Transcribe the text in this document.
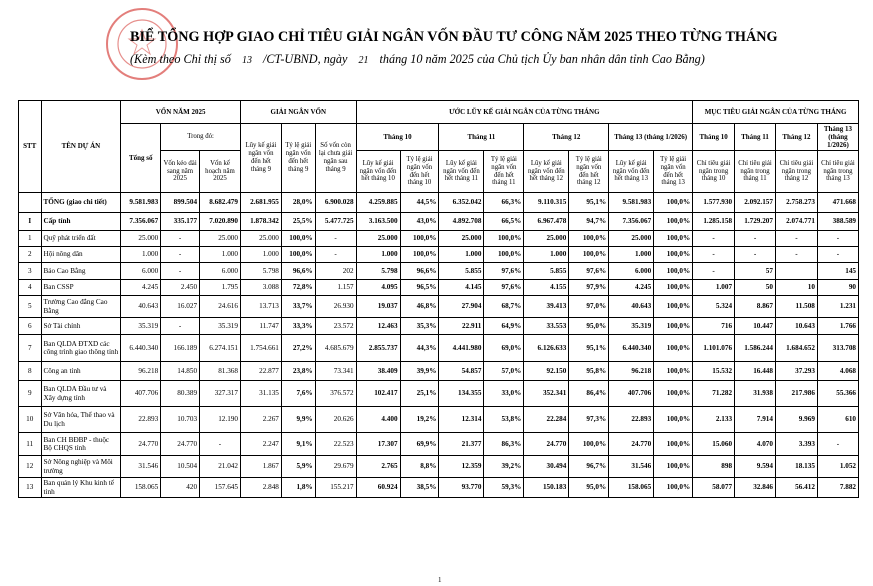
BIỂ TỔNG HỢP GIAO CHỈ TIÊU GIẢI NGÂN VỐN ĐẦU TƯ CÔNG NĂM 2025 THEO TỪNG THÁNG
(Kèm theo Chỉ thị số 13 /CT-UBND, ngày 21 tháng 10 năm 2025 của Chủ tịch Ủy ban nhân dân tỉnh Cao Bằng)
STT	TÊN DỰ ÁN	VỐN NĂM 2025			GIẢI NGÂN VỐN			ƯỚC LŨY KẾ GIẢI NGÂN CỦA TỪNG THÁNG								MỤC TIÊU GIẢI NGÂN CỦA TỪNG THÁNG			
		Tổng số	Trong đó:		Lũy kế giải ngân vốn đến hết tháng 9	Tỷ lệ giải ngân vốn đến hết tháng 9	Số vốn còn lại chưa giải ngân sau tháng 9	Tháng 10		Tháng 11		Tháng 12		Tháng 13 (tháng 1/2026)		Tháng 10	Tháng 11	Tháng 12	Tháng 13 (tháng 1/2026)
			Vốn kéo dài sang năm 2025	Vốn kế hoạch năm 2025				Lũy kế giải ngân vốn đến hết tháng 10	Tỷ lệ giải ngân vốn đến hết tháng 10	Lũy kế giải ngân vốn đến hết tháng 11	Tỷ lệ giải ngân vốn đến hết tháng 11	Lũy kế giải ngân vốn đến hết tháng 12	Tỷ lệ giải ngân vốn đến hết tháng 12	Lũy kế giải ngân vốn đến hết tháng 13	Tỷ lệ giải ngân vốn đến hết tháng 13	Chỉ tiêu giải ngân trong tháng 10	Chỉ tiêu giải ngân trong tháng 11	Chỉ tiêu giải ngân trong tháng 12	Chỉ tiêu giải ngân trong tháng 13
	TỔNG (giao chi tiết)	9.581.983	899.504	8.682.479	2.681.955	28,0%	6.900.028	4.259.885	44,5%	6.352.042	66,3%	9.110.315	95,1%	9.581.983	100,0%	1.577.930	2.092.157	2.758.273	471.668
I	Cấp tỉnh	7.356.067	335.177	7.020.890	1.878.342	25,5%	5.477.725	3.163.500	43,0%	4.892.708	66,5%	6.967.478	94,7%	7.356.067	100,0%	1.285.158	1.729.207	2.074.771	388.589
1	Quỹ phát triển đất	25.000	-	25.000	25.000	100,0%	-	25.000	100,0%	25.000	100,0%	25.000	100,0%	25.000	100,0%	-	-	-	-
2	Hội nông dân	1.000	-	1.000	1.000	100,0%	-	1.000	100,0%	1.000	100,0%	1.000	100,0%	1.000	100,0%	-	-	-	-
3	Báo Cao Bằng	6.000	-	6.000	5.798	96,6%	202	5.798	96,6%	5.855	97,6%	5.855	97,6%	6.000	100,0%	-	57		145
4	Ban CSSP	4.245	2.450	1.795	3.088	72,8%	1.157	4.095	96,5%	4.145	97,6%	4.155	97,9%	4.245	100,0%	1.007	50	10	90
5	Trường Cao đẳng Cao Bằng	40.643	16.027	24.616	13.713	33,7%	26.930	19.037	46,8%	27.904	68,7%	39.413	97,0%	40.643	100,0%	5.324	8.867	11.508	1.231
6	Sở Tài chính	35.319	-	35.319	11.747	33,3%	23.572	12.463	35,3%	22.911	64,9%	33.553	95,0%	35.319	100,0%	716	10.447	10.643	1.766
7	Ban QLDA ĐTXD các công trình giao thông tỉnh	6.440.340	166.189	6.274.151	1.754.661	27,2%	4.685.679	2.855.737	44,3%	4.441.980	69,0%	6.126.633	95,1%	6.440.340	100,0%	1.101.076	1.586.244	1.684.652	313.708
8	Công an tỉnh	96.218	14.850	81.368	22.877	23,8%	73.341	38.409	39,9%	54.857	57,0%	92.150	95,8%	96.218	100,0%	15.532	16.448	37.293	4.068
9	Ban QLDA Đầu tư và Xây dựng tỉnh	407.706	80.389	327.317	31.135	7,6%	376.572	102.417	25,1%	134.355	33,0%	352.341	86,4%	407.706	100,0%	71.282	31.938	217.986	55.366
10	Sở Văn hóa, Thể thao và Du lịch	22.893	10.703	12.190	2.267	9,9%	20.626	4.400	19,2%	12.314	53,8%	22.284	97,3%	22.893	100,0%	2.133	7.914	9.969	610
11	Ban CH BĐBP - thuộc Bộ CHQS tỉnh	24.770	24.770	-	2.247	9,1%	22.523	17.307	69,9%	21.377	86,3%	24.770	100,0%	24.770	100,0%	15.060	4.070	3.393	-
12	Sở Nông nghiệp và Môi trường	31.546	10.504	21.042	1.867	5,9%	29.679	2.765	8,8%	12.359	39,2%	30.494	96,7%	31.546	100,0%	898	9.594	18.135	1.052
13	Ban quản lý Khu kinh tế tỉnh	158.065	420	157.645	2.848	1,8%	155.217	60.924	38,5%	93.770	59,3%	150.183	95,0%	158.065	100,0%	58.077	32.846	56.412	7.882
1
